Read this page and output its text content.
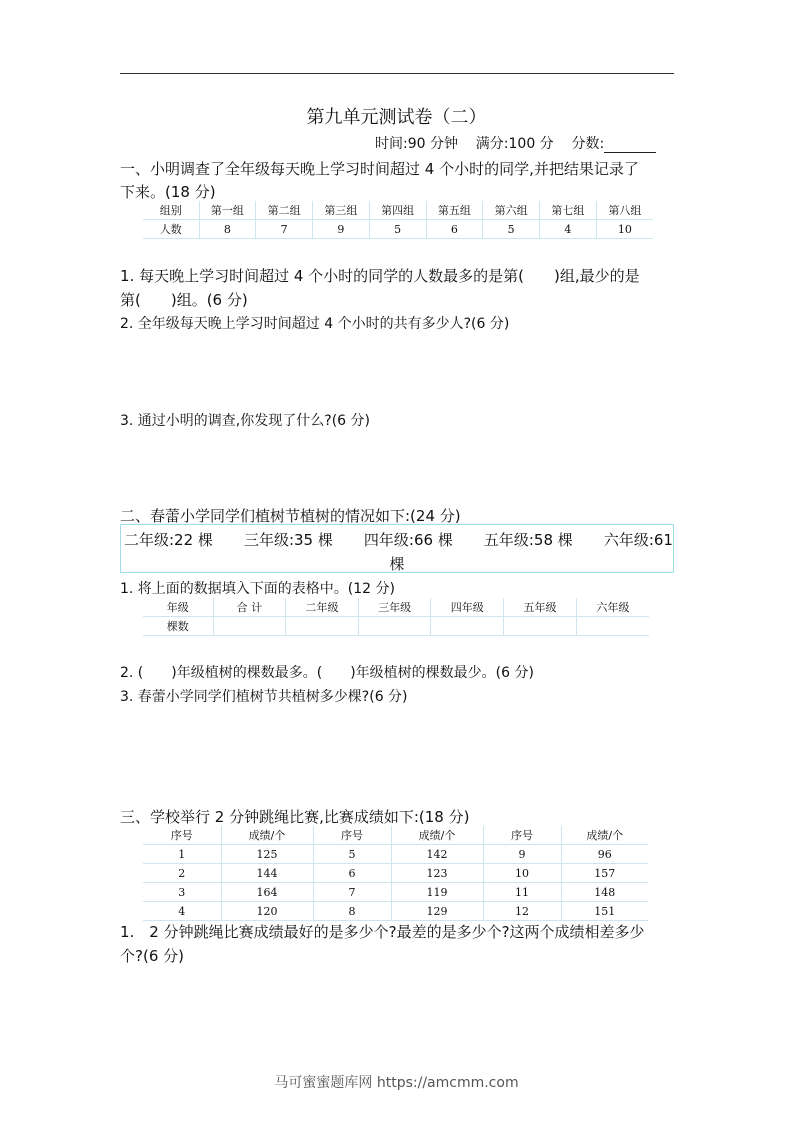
第九单元测试卷（二）
时间:90 分钟 满分:100 分 分数:
一、小明调查了全年级每天晚上学习时间超过 4 个小时的同学,并把结果记录了
下来。(18 分)
组别	第一组	第二组	第三组	第四组	第五组	第六组	第七组	第八组
人数	8	7	9	5	6	5	4	10
1. 每天晚上学习时间超过 4 个小时的同学的人数最多的是第(　　)组,最少的是
第(　　)组。(6 分)
2. 全年级每天晚上学习时间超过 4 个小时的共有多少人?(6 分)
3. 通过小明的调查,你发现了什么?(6 分)
二、春蕾小学同学们植树节植树的情况如下:(24 分)
二年级:22 棵 三年级:35 棵 四年级:66 棵 五年级:58 棵 六年级:61
棵
1. 将上面的数据填入下面的表格中。(12 分)
年级	合 计	二年级	三年级	四年级	五年级	六年级
棵数						
2. (　　)年级植树的棵数最多。(　　)年级植树的棵数最少。(6 分)
3. 春蕾小学同学们植树节共植树多少棵?(6 分)
三、学校举行 2 分钟跳绳比赛,比赛成绩如下:(18 分)
序号	成绩/个	序号	成绩/个	序号	成绩/个
1	125	5	142	9	96
2	144	6	123	10	157
3	164	7	119	11	148
4	120	8	129	12	151
1.　2 分钟跳绳比赛成绩最好的是多少个?最差的是多少个?这两个成绩相差多少
个?(6 分)
马可蜜蜜题库网 https://amcmm.com
